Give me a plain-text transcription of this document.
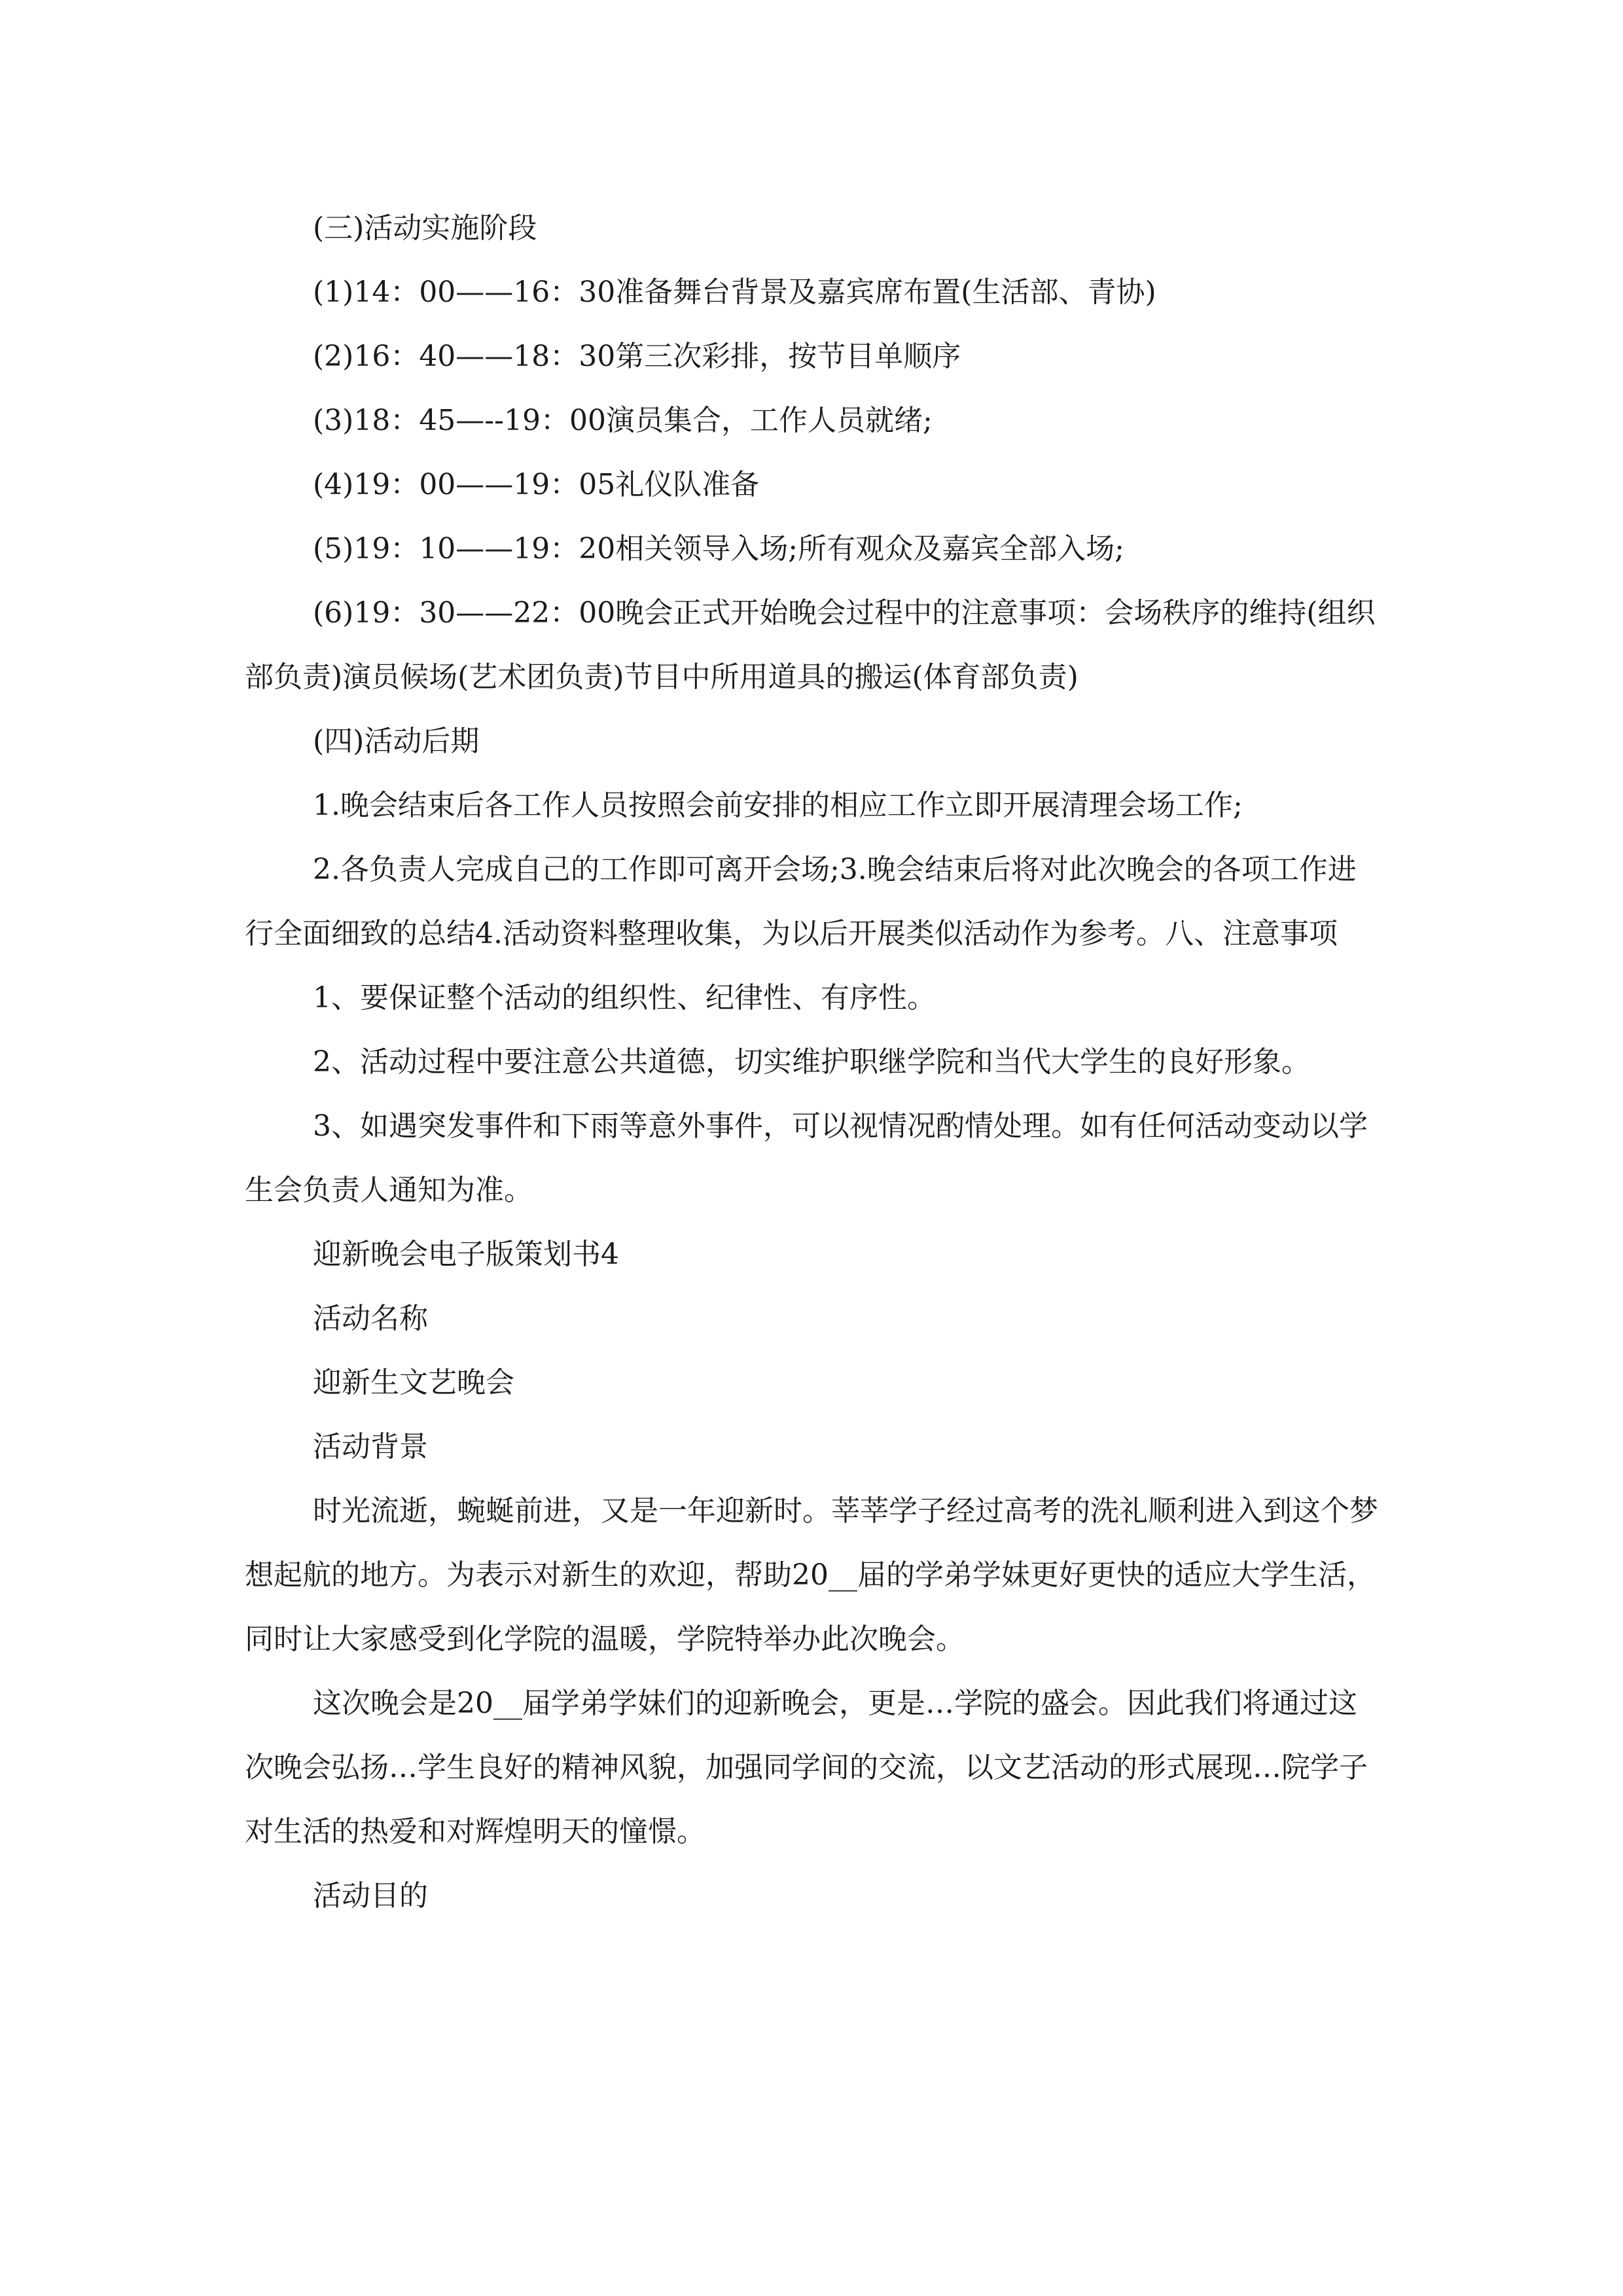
(三)活动实施阶段

(1)14：00——16：30准备舞台背景及嘉宾席布置(生活部、青协)

(2)16：40——18：30第三次彩排，按节目单顺序

(3)18：45—--19：00演员集合，工作人员就绪;

(4)19：00——19：05礼仪队准备

(5)19：10——19：20相关领导入场;所有观众及嘉宾全部入场;

(6)19：30——22：00晚会正式开始晚会过程中的注意事项：会场秩序的维持(组织部负责)演员候场(艺术团负责)节目中所用道具的搬运(体育部负责)

(四)活动后期

1.晚会结束后各工作人员按照会前安排的相应工作立即开展清理会场工作;

2.各负责人完成自己的工作即可离开会场;3.晚会结束后将对此次晚会的各项工作进行全面细致的总结4.活动资料整理收集，为以后开展类似活动作为参考。八、注意事项

1、要保证整个活动的组织性、纪律性、有序性。

2、活动过程中要注意公共道德，切实维护职继学院和当代大学生的良好形象。

3、如遇突发事件和下雨等意外事件，可以视情况酌情处理。如有任何活动变动以学生会负责人通知为准。

迎新晚会电子版策划书4

活动名称

迎新生文艺晚会

活动背景

时光流逝，蜿蜒前进，又是一年迎新时。莘莘学子经过高考的洗礼顺利进入到这个梦想起航的地方。为表示对新生的欢迎，帮助20__届的学弟学妹更好更快的适应大学生活，同时让大家感受到化学院的温暖，学院特举办此次晚会。

这次晚会是20__届学弟学妹们的迎新晚会，更是…学院的盛会。因此我们将通过这次晚会弘扬…学生良好的精神风貌，加强同学间的交流，以文艺活动的形式展现…院学子对生活的热爱和对辉煌明天的憧憬。

活动目的
